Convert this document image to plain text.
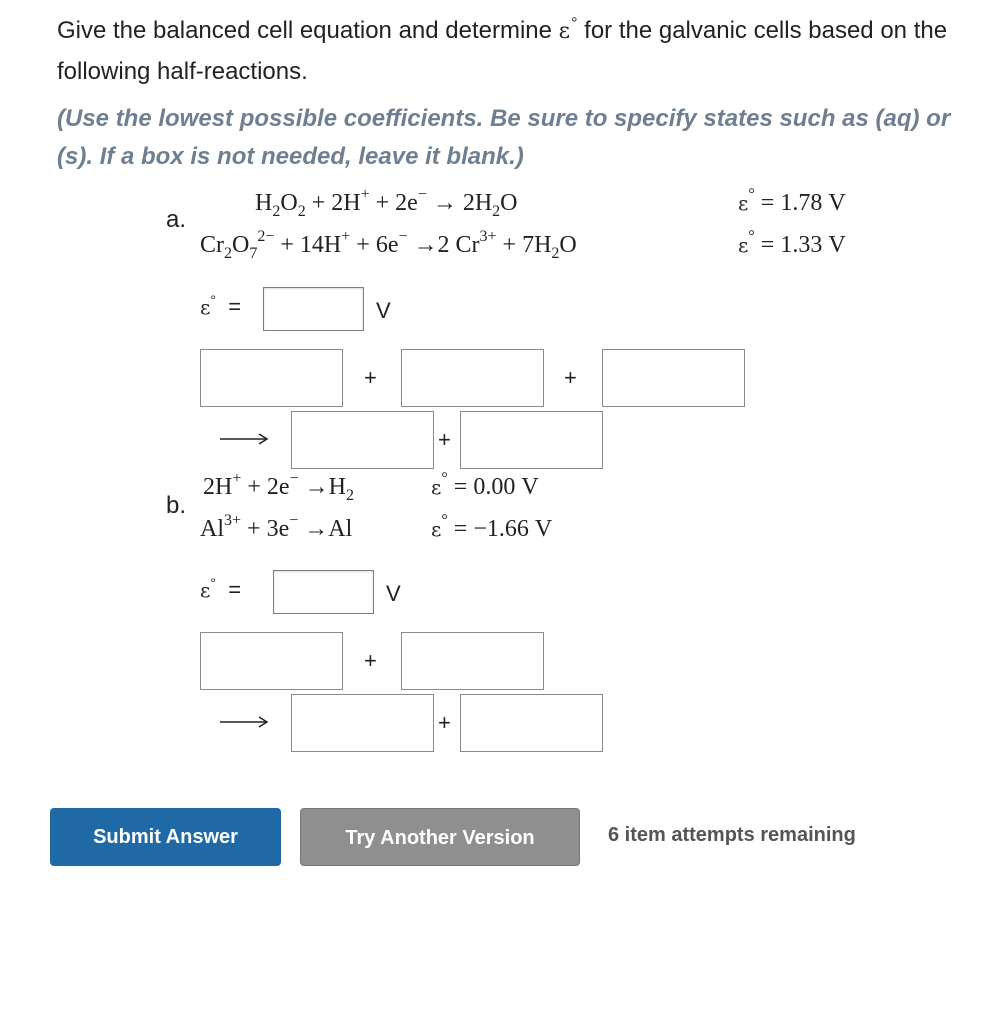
Give the balanced cell equation and determine ε° for the galvanic cells based on the following half-reactions.
(Use the lowest possible coefficients. Be sure to specify states such as (aq) or (s). If a box is not needed, leave it blank.)
a.
$H_2O_2 + 2H^+ + 2e^- \to 2H_2O$	ε° = 1.78 V
$Cr_2O_7^{2-} + 14H^+ + 6e^- \to 2$ $Cr^{3+} + 7H_2O$	ε° = 1.33 V
ε°  =	V
+	+
+
b.
$2H^+ + 2e^- \to H_2$	ε° = 0.00 V
$Al^{3+} + 3e^- \to Al$	ε° = −1.66 V
ε°  =	V
+
+
Submit Answer	Try Another Version	6 item attempts remaining
